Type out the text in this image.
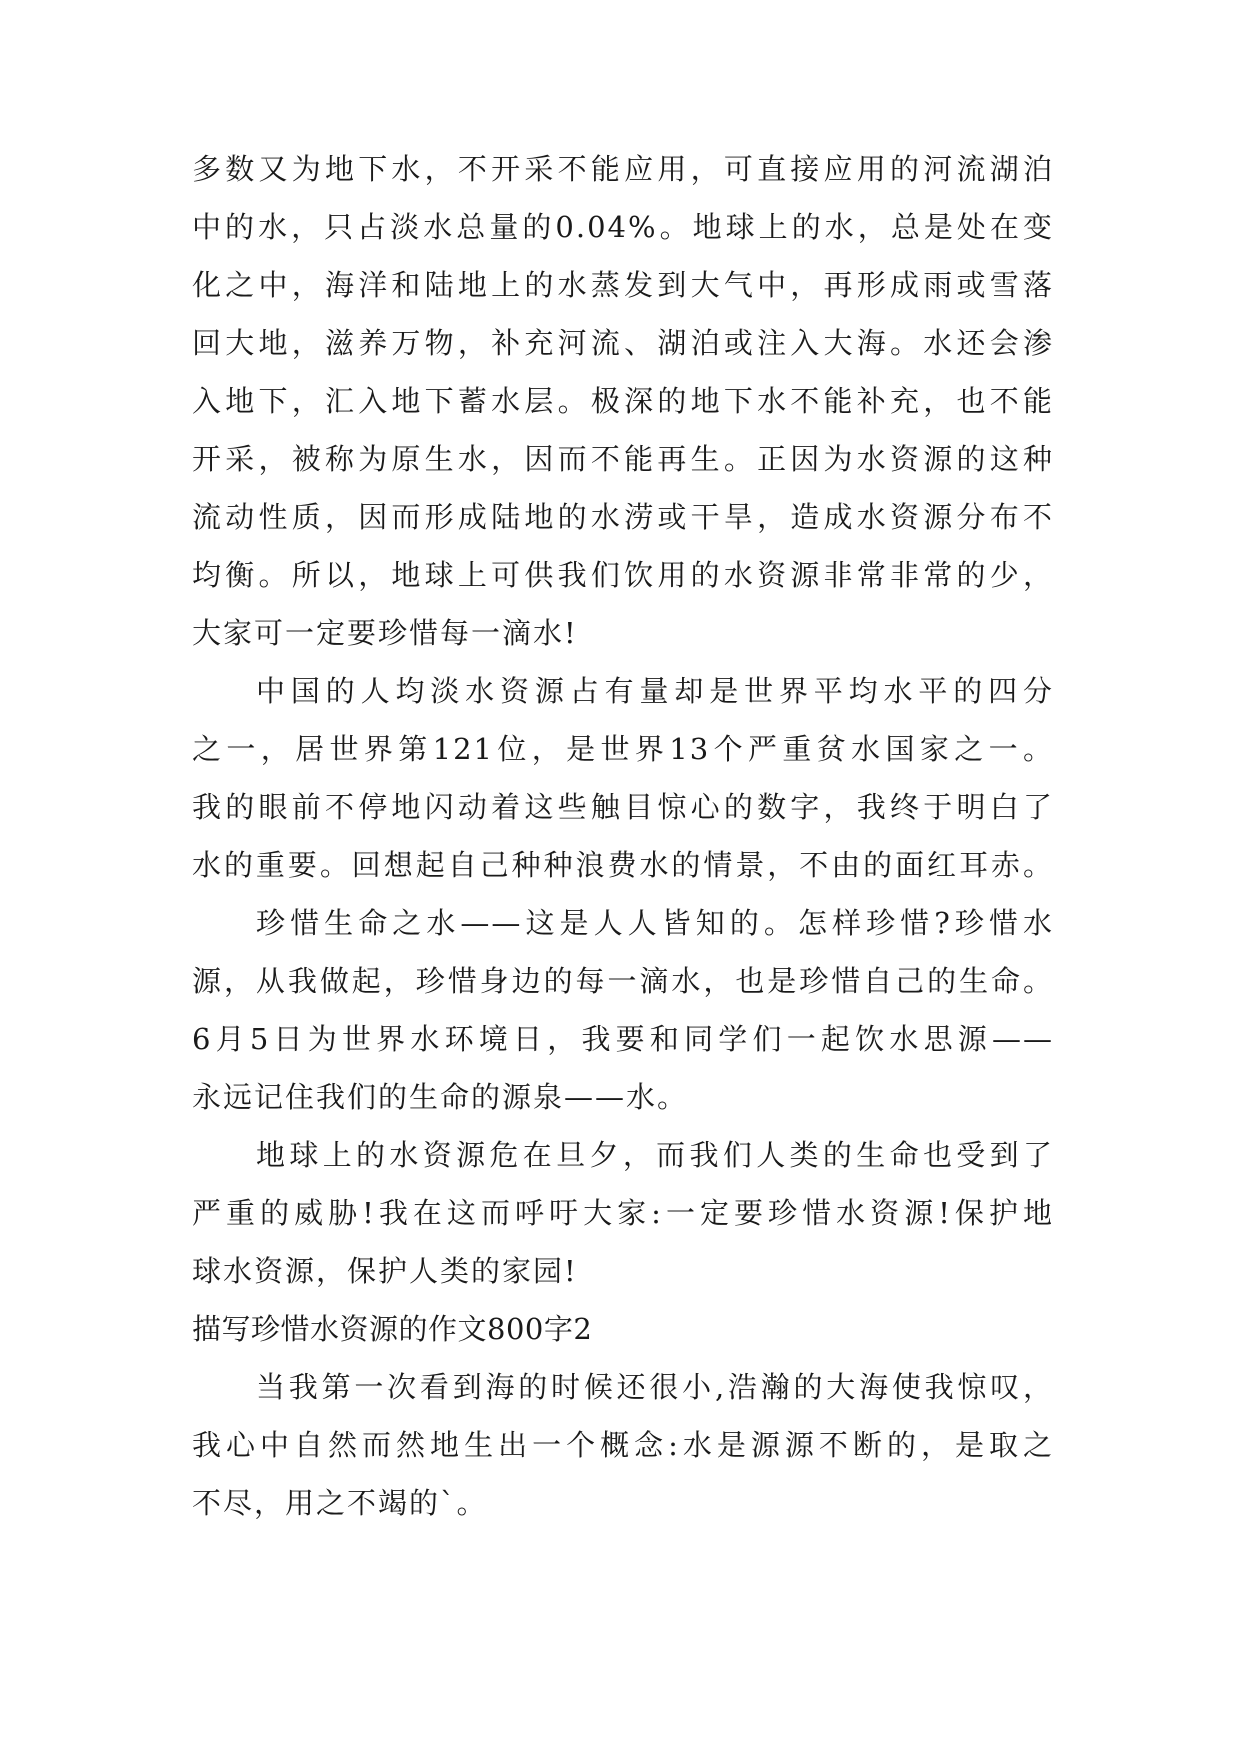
多数又为地下水，不开采不能应用，可直接应用的河流湖泊
中的水，只占淡水总量的0.04%。地球上的水，总是处在变
化之中，海洋和陆地上的水蒸发到大气中，再形成雨或雪落
回大地，滋养万物，补充河流、湖泊或注入大海。水还会渗
入地下，汇入地下蓄水层。极深的地下水不能补充，也不能
开采，被称为原生水，因而不能再生。正因为水资源的这种
流动性质，因而形成陆地的水涝或干旱，造成水资源分布不
均衡。所以，地球上可供我们饮用的水资源非常非常的少，
大家可一定要珍惜每一滴水!
中国的人均淡水资源占有量却是世界平均水平的四分
之一，居世界第121位，是世界13个严重贫水国家之一。
我的眼前不停地闪动着这些触目惊心的数字，我终于明白了
水的重要。回想起自己种种浪费水的情景，不由的面红耳赤。
珍惜生命之水——这是人人皆知的。怎样珍惜?珍惜水
源，从我做起，珍惜身边的每一滴水，也是珍惜自己的生命。
6月5日为世界水环境日，我要和同学们一起饮水思源——
永远记住我们的生命的源泉——水。
地球上的水资源危在旦夕，而我们人类的生命也受到了
严重的威胁!我在这而呼吁大家:一定要珍惜水资源!保护地
球水资源，保护人类的家园!
描写珍惜水资源的作文800字2
当我第一次看到海的时候还很小,浩瀚的大海使我惊叹，
我心中自然而然地生出一个概念:水是源源不断的，是取之
不尽，用之不竭的`。
